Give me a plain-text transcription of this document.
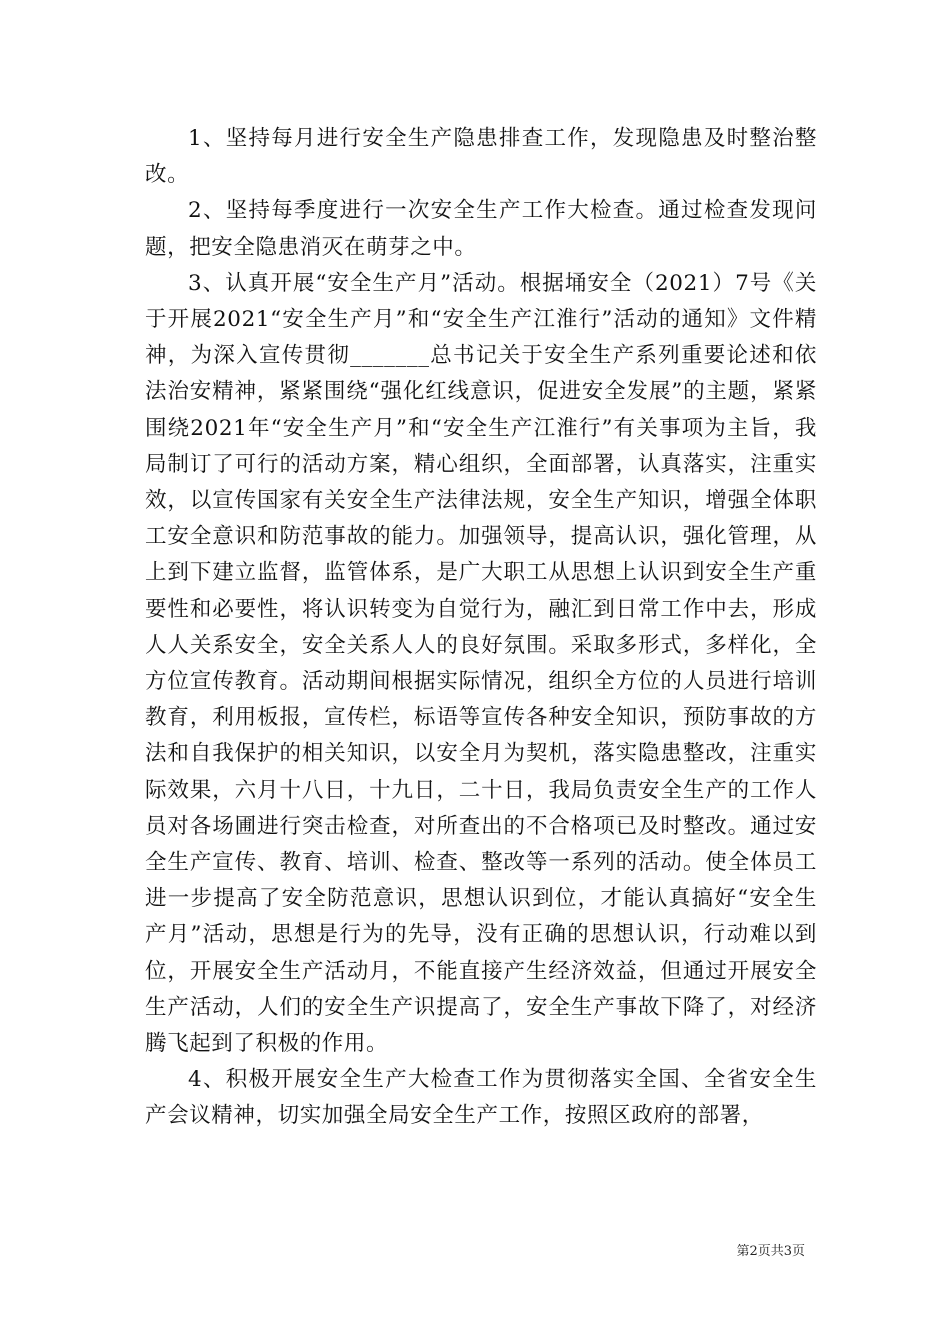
1、坚持每月进行安全生产隐患排查工作，发现隐患及时整治整改。

2、坚持每季度进行一次安全生产工作大检查。通过检查发现问题，把安全隐患消灭在萌芽之中。

3、认真开展“安全生产月”活动。根据埇安全（2021）7号《关于开展2021“安全生产月”和“安全生产江淮行”活动的通知》文件精神，为深入宣传贯彻_______总书记关于安全生产系列重要论述和依法治安精神，紧紧围绕“强化红线意识，促进安全发展”的主题，紧紧围绕2021年“安全生产月”和“安全生产江淮行”有关事项为主旨，我局制订了可行的活动方案，精心组织，全面部署，认真落实，注重实效，以宣传国家有关安全生产法律法规，安全生产知识，增强全体职工安全意识和防范事故的能力。加强领导，提高认识，强化管理，从上到下建立监督，监管体系，是广大职工从思想上认识到安全生产重要性和必要性，将认识转变为自觉行为，融汇到日常工作中去，形成人人关系安全，安全关系人人的良好氛围。采取多形式，多样化，全方位宣传教育。活动期间根据实际情况，组织全方位的人员进行培训教育，利用板报，宣传栏，标语等宣传各种安全知识，预防事故的方法和自我保护的相关知识，以安全月为契机，落实隐患整改，注重实际效果，六月十八日，十九日，二十日，我局负责安全生产的工作人员对各场圃进行突击检查，对所查出的不合格项已及时整改。通过安全生产宣传、教育、培训、检查、整改等一系列的活动。使全体员工进一步提高了安全防范意识，思想认识到位，才能认真搞好“安全生产月”活动，思想是行为的先导，没有正确的思想认识，行动难以到位，开展安全生产活动月，不能直接产生经济效益，但通过开展安全生产活动，人们的安全生产识提高了，安全生产事故下降了，对经济腾飞起到了积极的作用。

4、积极开展安全生产大检查工作为贯彻落实全国、全省安全生产会议精神，切实加强全局安全生产工作，按照区政府的部署，

第2页共3页
